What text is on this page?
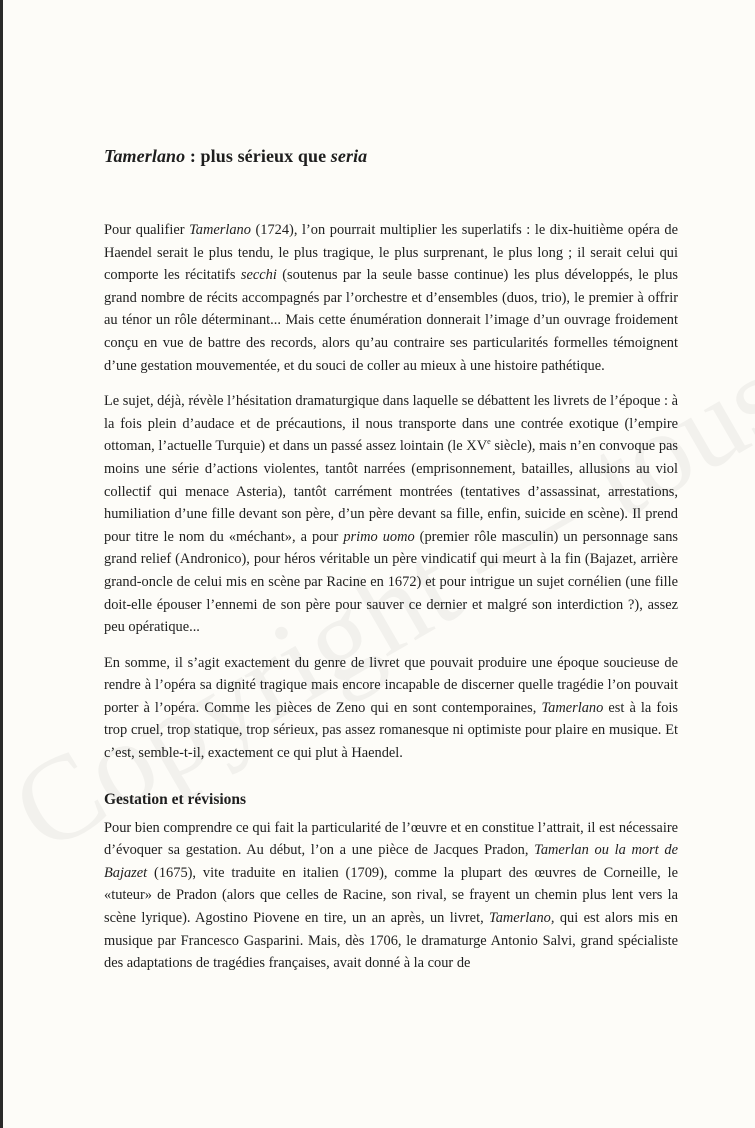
Tamerlano : plus sérieux que seria

Pour qualifier Tamerlano (1724), l’on pourrait multiplier les superlatifs : le dix-huitième opéra de Haendel serait le plus tendu, le plus tragique, le plus surprenant, le plus long ; il serait celui qui comporte les récitatifs secchi (soutenus par la seule basse continue) les plus développés, le plus grand nombre de récits accompagnés par l’orchestre et d’ensembles (duos, trio), le premier à offrir au ténor un rôle déterminant... Mais cette énumération donnerait l’image d’un ouvrage froidement conçu en vue de battre des records, alors qu’au contraire ses particularités formelles témoignent d’une gestation mouvementée, et du souci de coller au mieux à une histoire pathétique.

Le sujet, déjà, révèle l’hésitation dramaturgique dans laquelle se débattent les livrets de l’époque : à la fois plein d’audace et de précautions, il nous transporte dans une contrée exotique (l’empire ottoman, l’actuelle Turquie) et dans un passé assez lointain (le XVe siècle), mais n’en convoque pas moins une série d’actions violentes, tantôt narrées (emprisonnement, batailles, allusions au viol collectif qui menace Asteria), tantôt carrément montrées (tentatives d’assassinat, arrestations, humiliation d’une fille devant son père, d’un père devant sa fille, enfin, suicide en scène). Il prend pour titre le nom du «méchant», a pour primo uomo (premier rôle masculin) un personnage sans grand relief (Andronico), pour héros véritable un père vindicatif qui meurt à la fin (Bajazet, arrière grand-oncle de celui mis en scène par Racine en 1672) et pour intrigue un sujet cornélien (une fille doit-elle épouser l’ennemi de son père pour sauver ce dernier et malgré son interdiction ?), assez peu opératique...

En somme, il s’agit exactement du genre de livret que pouvait produire une époque soucieuse de rendre à l’opéra sa dignité tragique mais encore incapable de discerner quelle tragédie l’on pouvait porter à l’opéra. Comme les pièces de Zeno qui en sont contemporaines, Tamerlano est à la fois trop cruel, trop statique, trop sérieux, pas assez romanesque ni optimiste pour plaire en musique. Et c’est, semble-t-il, exactement ce qui plut à Haendel.

Gestation et révisions

Pour bien comprendre ce qui fait la particularité de l’œuvre et en constitue l’attrait, il est nécessaire d’évoquer sa gestation. Au début, l’on a une pièce de Jacques Pradon, Tamerlan ou la mort de Bajazet (1675), vite traduite en italien (1709), comme la plupart des œuvres de Corneille, le «tuteur» de Pradon (alors que celles de Racine, son rival, se frayent un chemin plus lent vers la scène lyrique). Agostino Piovene en tire, un an après, un livret, Tamerlano, qui est alors mis en musique par Francesco Gasparini. Mais, dès 1706, le dramaturge Antonio Salvi, grand spécialiste des adaptations de tragédies françaises, avait donné à la cour de
